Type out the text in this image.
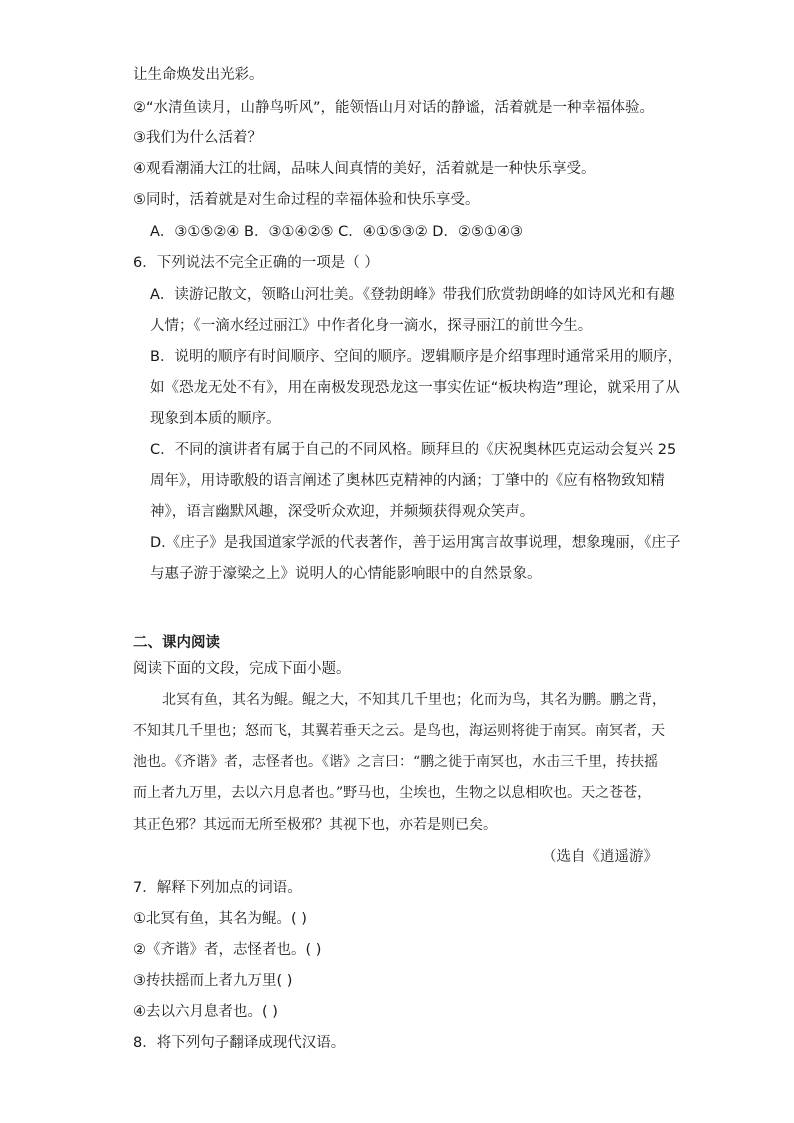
让生命焕发出光彩。
②“水清鱼读月，山静鸟听风”，能领悟山月对话的静谧，活着就是一种幸福体验。
③我们为什么活着？
④观看潮涌大江的壮阔，品味人间真情的美好，活着就是一种快乐享受。
⑤同时，活着就是对生命过程的幸福体验和快乐享受。
A．③①⑤②④ B．③①④②⑤ C．④①⑤③② D．②⑤①④③
6．下列说法不完全正确的一项是（ ）
A．读游记散文，领略山河壮美。《登勃朗峰》带我们欣赏勃朗峰的如诗风光和有趣
人情；《一滴水经过丽江》中作者化身一滴水，探寻丽江的前世今生。
B．说明的顺序有时间顺序、空间的顺序。逻辑顺序是介绍事理时通常采用的顺序，
如《恐龙无处不有》，用在南极发现恐龙这一事实佐证“板块构造”理论，就采用了从
现象到本质的顺序。
C．不同的演讲者有属于自己的不同风格。顾拜旦的《庆祝奥林匹克运动会复兴 25
周年》，用诗歌般的语言阐述了奥林匹克精神的内涵；丁肇中的《应有格物致知精
神》，语言幽默风趣，深受听众欢迎，并频频获得观众笑声。
D.《庄子》是我国道家学派的代表著作，善于运用寓言故事说理，想象瑰丽，《庄子
与惠子游于濠梁之上》说明人的心情能影响眼中的自然景象。
二、课内阅读
阅读下面的文段，完成下面小题。
北冥有鱼，其名为鲲。鲲之大，不知其几千里也；化而为鸟，其名为鹏。鹏之背，
不知其几千里也；怒而飞，其翼若垂天之云。是鸟也，海运则将徙于南冥。南冥者，天
池也。《齐谐》者，志怪者也。《谐》之言曰：“鹏之徙于南冥也，水击三千里，抟扶摇
而上者九万里，去以六月息者也。”野马也，尘埃也，生物之以息相吹也。天之苍苍，
其正色邪？其远而无所至极邪？其视下也，亦若是则已矣。
（选自《逍遥游》
7．解释下列加点的词语。
①北冥有鱼，其名为鲲。( )
②《齐谐》者，志怪者也。( )
③抟扶摇而上者九万里( )
④去以六月息者也。( )
8．将下列句子翻译成现代汉语。
